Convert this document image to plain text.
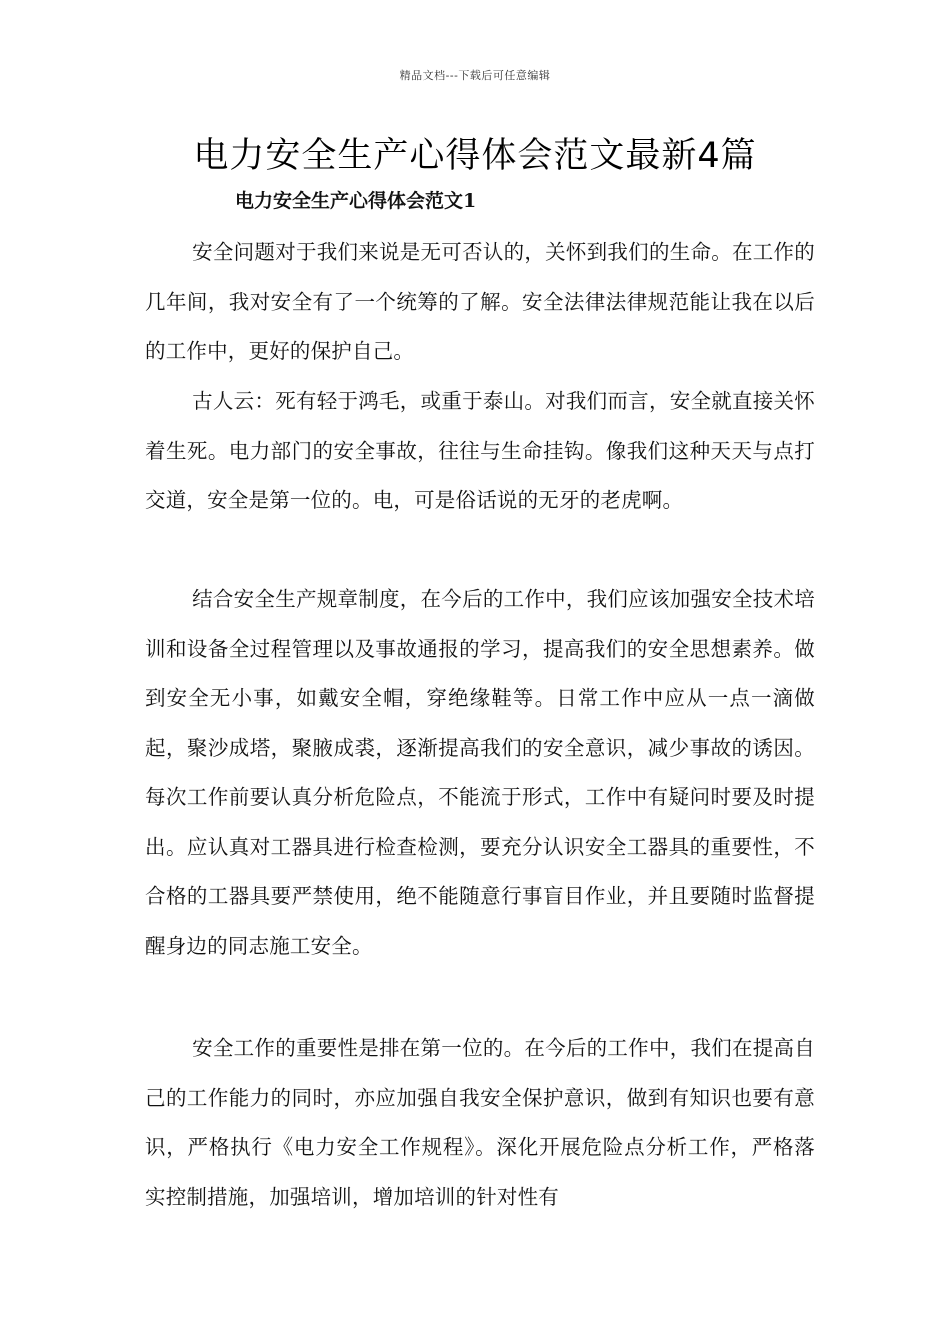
精品文档---下载后可任意编辑
电力安全生产心得体会范文最新4篇
电力安全生产心得体会范文1

安全问题对于我们来说是无可否认的，关怀到我们的生命。在工作的几年间，我对安全有了一个统筹的了解。安全法律法律规范能让我在以后的工作中，更好的保护自己。

古人云：死有轻于鸿毛，或重于泰山。对我们而言，安全就直接关怀着生死。电力部门的安全事故，往往与生命挂钩。像我们这种天天与点打交道，安全是第一位的。电，可是俗话说的无牙的老虎啊。

结合安全生产规章制度，在今后的工作中，我们应该加强安全技术培训和设备全过程管理以及事故通报的学习，提高我们的安全思想素养。做到安全无小事，如戴安全帽，穿绝缘鞋等。日常工作中应从一点一滴做起，聚沙成塔，聚腋成裘，逐渐提高我们的安全意识，减少事故的诱因。每次工作前要认真分析危险点，不能流于形式，工作中有疑问时要及时提出。应认真对工器具进行检查检测，要充分认识安全工器具的重要性，不合格的工器具要严禁使用，绝不能随意行事盲目作业，并且要随时监督提醒身边的同志施工安全。

安全工作的重要性是排在第一位的。在今后的工作中，我们在提高自己的工作能力的同时，亦应加强自我安全保护意识，做到有知识也要有意识，严格执行《电力安全工作规程》。深化开展危险点分析工作，严格落实控制措施，加强培训，增加培训的针对性有
